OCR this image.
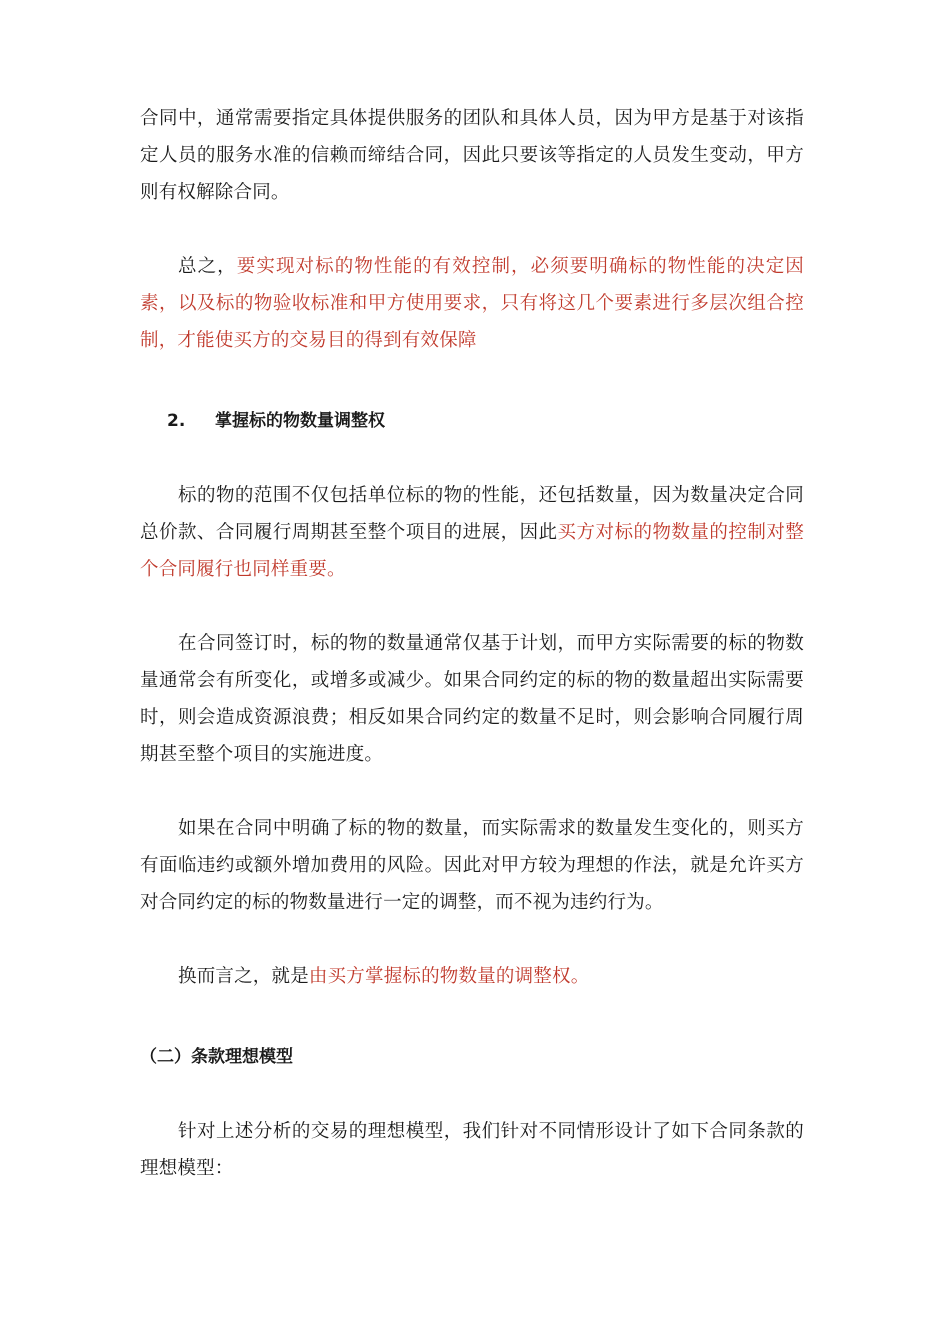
合同中，通常需要指定具体提供服务的团队和具体人员，因为甲方是基于对该指定人员的服务水准的信赖而缔结合同，因此只要该等指定的人员发生变动，甲方则有权解除合同。

总之，要实现对标的物性能的有效控制，必须要明确标的物性能的决定因素，以及标的物验收标准和甲方使用要求，只有将这几个要素进行多层次组合控制，才能使买方的交易目的得到有效保障

2. 掌握标的物数量调整权

标的物的范围不仅包括单位标的物的性能，还包括数量，因为数量决定合同总价款、合同履行周期甚至整个项目的进展，因此买方对标的物数量的控制对整个合同履行也同样重要。

在合同签订时，标的物的数量通常仅基于计划，而甲方实际需要的标的物数量通常会有所变化，或增多或减少。如果合同约定的标的物的数量超出实际需要时，则会造成资源浪费；相反如果合同约定的数量不足时，则会影响合同履行周期甚至整个项目的实施进度。

如果在合同中明确了标的物的数量，而实际需求的数量发生变化的，则买方有面临违约或额外增加费用的风险。因此对甲方较为理想的作法，就是允许买方对合同约定的标的物数量进行一定的调整，而不视为违约行为。

换而言之，就是由买方掌握标的物数量的调整权。

（二）条款理想模型

针对上述分析的交易的理想模型，我们针对不同情形设计了如下合同条款的理想模型：
